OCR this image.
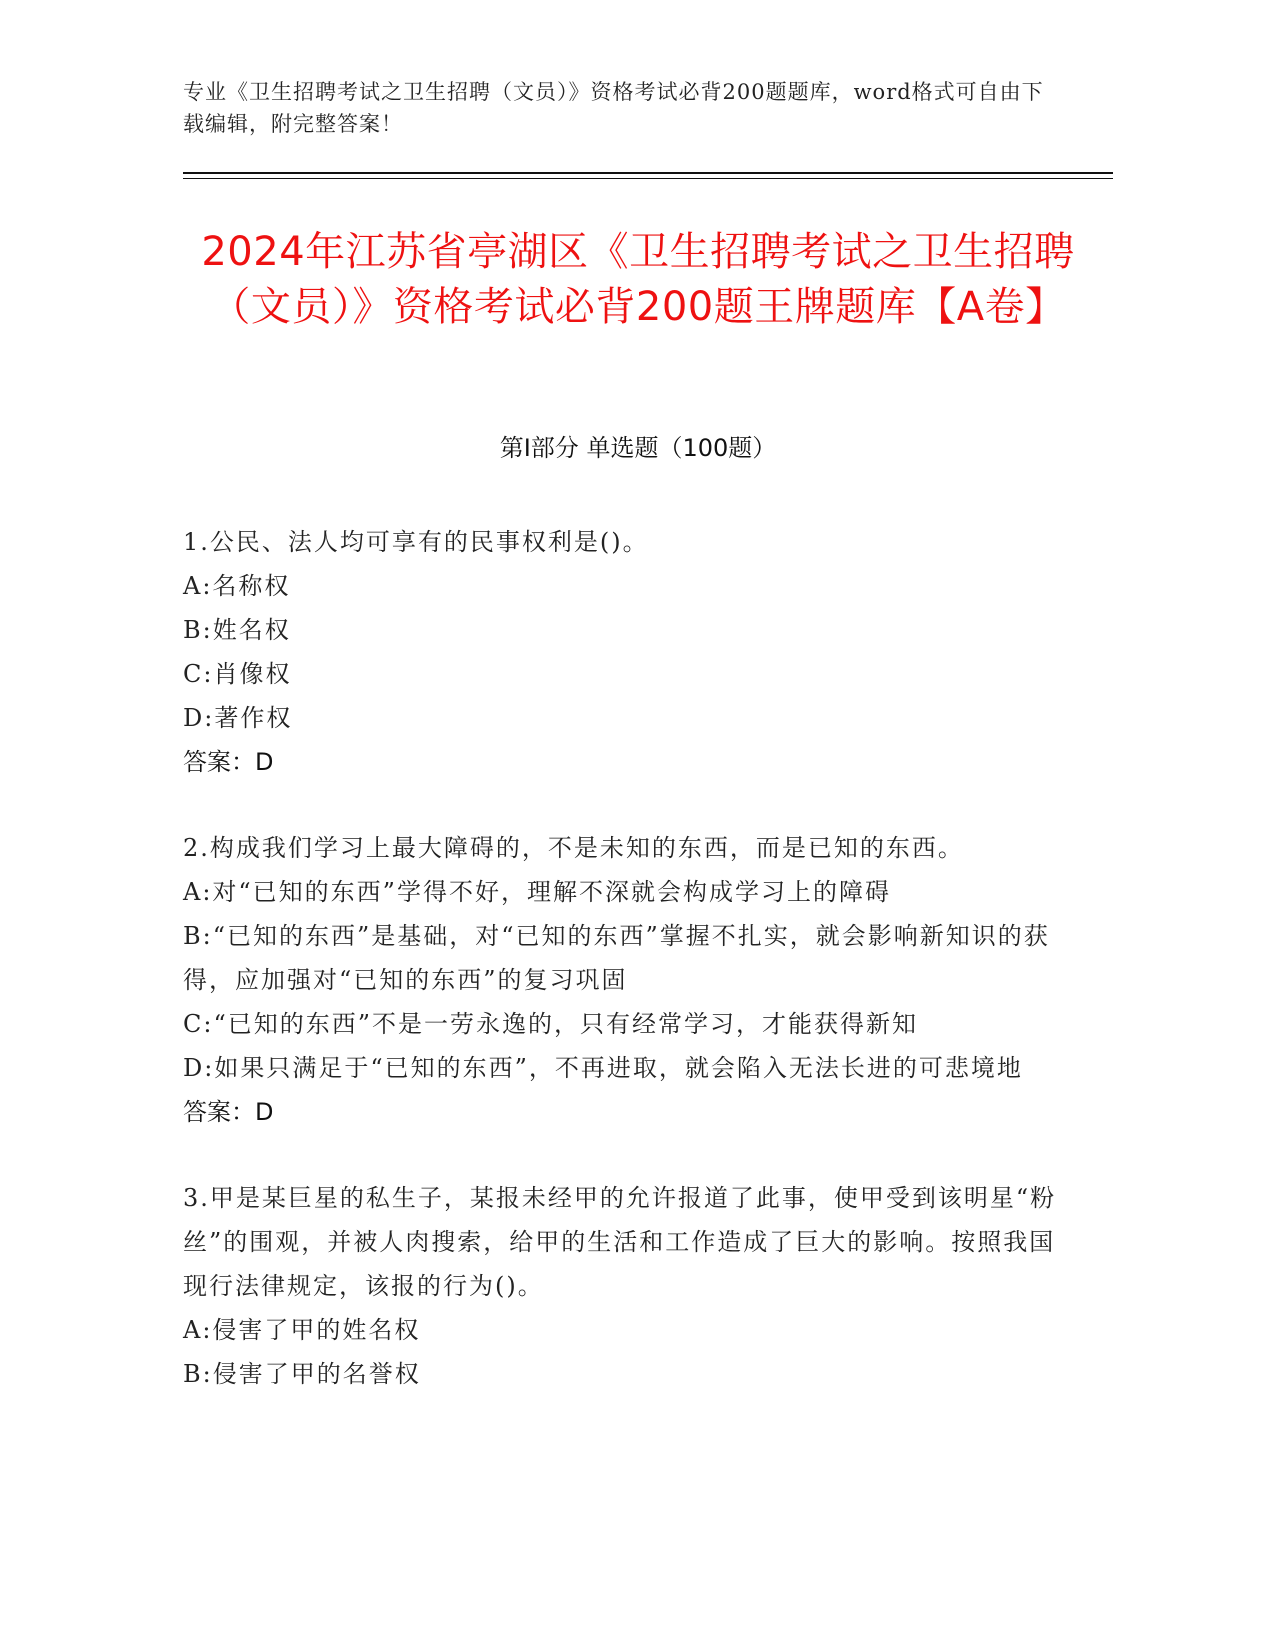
专业《卫生招聘考试之卫生招聘（文员）》资格考试必背200题题库，word格式可自由下载编辑，附完整答案！
2024年江苏省亭湖区《卫生招聘考试之卫生招聘（文员）》资格考试必背200题王牌题库【A卷】
第Ⅰ部分 单选题（100题）
1.公民、法人均可享有的民事权利是()。
A:名称权
B:姓名权
C:肖像权
D:著作权
答案：D
2.构成我们学习上最大障碍的，不是未知的东西，而是已知的东西。
A:对“已知的东西”学得不好，理解不深就会构成学习上的障碍
B:“已知的东西”是基础，对“已知的东西”掌握不扎实，就会影响新知识的获得，应加强对“已知的东西”的复习巩固
C:“已知的东西”不是一劳永逸的，只有经常学习，才能获得新知
D:如果只满足于“已知的东西”，不再进取，就会陷入无法长进的可悲境地
答案：D
3.甲是某巨星的私生子，某报未经甲的允许报道了此事，使甲受到该明星“粉丝”的围观，并被人肉搜索，给甲的生活和工作造成了巨大的影响。按照我国现行法律规定，该报的行为()。
A:侵害了甲的姓名权
B:侵害了甲的名誉权
